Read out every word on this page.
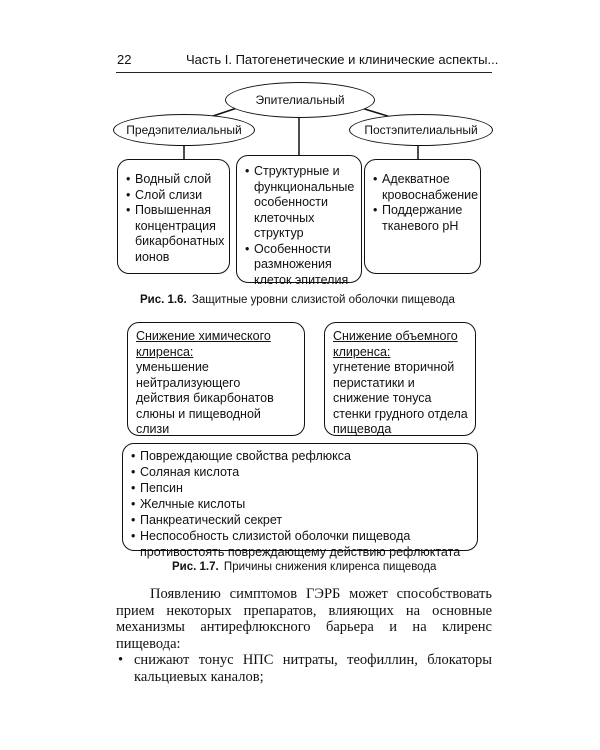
22	Часть I. Патогенетические и клинические аспекты...
Эпителиальный
Предэпителиальный	Постэпителиальный
• Водный слой
• Слой слизи
• Повышенная концентрация бикарбонатных ионов
• Структурные и функциональные особенности клеточных структур
• Особенности размножения клеток эпителия
• Адекватное кровоснабжение
• Поддержание тканевого рН
Рис. 1.6. Защитные уровни слизистой оболочки пищевода
Снижение химического клиренса:
уменьшение нейтрализующего действия бикарбонатов слюны и пищеводной слизи
Снижение объемного клиренса:
угнетение вторичной перистатики и снижение тонуса стенки грудного отдела пищевода
• Повреждающие свойства рефлюкса
• Соляная кислота
• Пепсин
• Желчные кислоты
• Панкреатический секрет
• Неспособность слизистой оболочки пищевода противостоять повреждающему действию рефлюктата
Рис. 1.7. Причины снижения клиренса пищевода

Появлению симптомов ГЭРБ может способствовать прием некоторых препаратов, влияющих на основные механизмы антирефлюксного барьера и на клиренс пищевода:

• снижают тонус НПС нитраты, теофиллин, блокаторы кальциевых каналов;
